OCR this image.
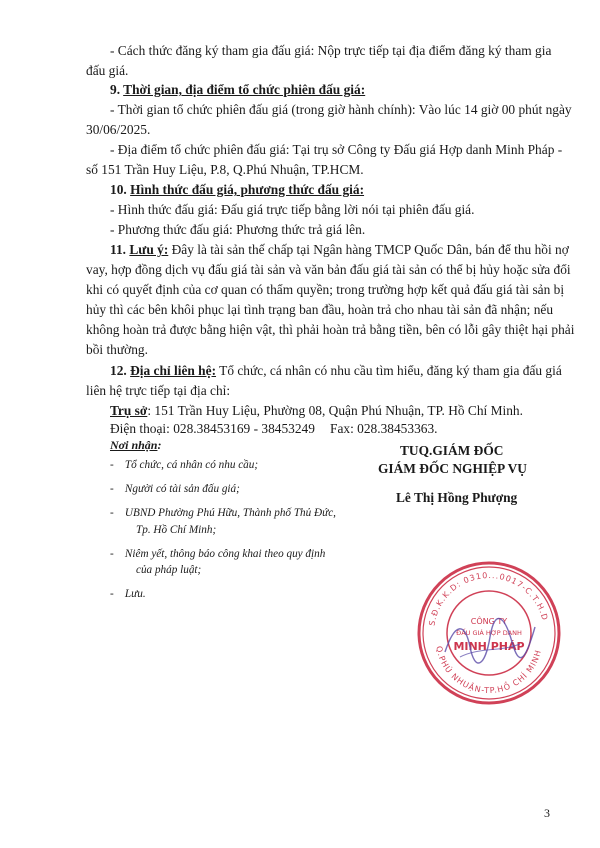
- Cách thức đăng ký tham gia đấu giá: Nộp trực tiếp tại địa điểm đăng ký tham gia
đấu giá.
9. Thời gian, địa điểm tổ chức phiên đấu giá:
- Thời gian tổ chức phiên đấu giá (trong giờ hành chính): Vào lúc 14 giờ 00 phút ngày
30/06/2025.
- Địa điểm tổ chức phiên đấu giá: Tại trụ sở Công ty Đấu giá Hợp danh Minh Pháp -
số 151 Trần Huy Liệu, P.8, Q.Phú Nhuận, TP.HCM.
10. Hình thức đấu giá, phương thức đấu giá:
- Hình thức đấu giá: Đấu giá trực tiếp bằng lời nói tại phiên đấu giá.
- Phương thức đấu giá: Phương thức trả giá lên.
11. Lưu ý: Đây là tài sản thế chấp tại Ngân hàng TMCP Quốc Dân, bán để thu hồi nợ
vay, hợp đồng dịch vụ đấu giá tài sản và văn bản đấu giá tài sản có thể bị hủy hoặc sửa đổi
khi có quyết định của cơ quan có thẩm quyền; trong trường hợp kết quả đấu giá tài sản bị
hủy thì các bên khôi phục lại tình trạng ban đầu, hoàn trả cho nhau tài sản đã nhận; nếu
không hoàn trả được bằng hiện vật, thì phải hoàn trả bằng tiền, bên có lỗi gây thiệt hại phải
bồi thường.
12. Địa chỉ liên hệ: Tổ chức, cá nhân có nhu cầu tìm hiểu, đăng ký tham gia đấu giá
liên hệ trực tiếp tại địa chỉ:
Trụ sở: 151 Trần Huy Liệu, Phường 08, Quận Phú Nhuận, TP. Hồ Chí Minh.
Điện thoại: 028.38453169 - 38453249 Fax: 028.38453363.
Nơi nhận:
-    Tổ chức, cá nhân có nhu cầu;
-    Người có tài sản đấu giá;
-    UBND Phường Phú Hữu, Thành phố Thủ Đức,
Tp. Hồ Chí Minh;
-    Niêm yết, thông báo công khai theo quy định
của pháp luật;
-    Lưu.
S.Đ.K.K.D: 0310...0017-C.T.H.D
Q.PHÚ NHUẬN-TP.HỒ CHÍ MINH
CÔNG TY
ĐẤU GIÁ HỢP DANH
MINH PHÁP
TUQ.GIÁM ĐỐC
GIÁM ĐỐC NGHIỆP VỤ
Lê Thị Hồng Phượng
3
